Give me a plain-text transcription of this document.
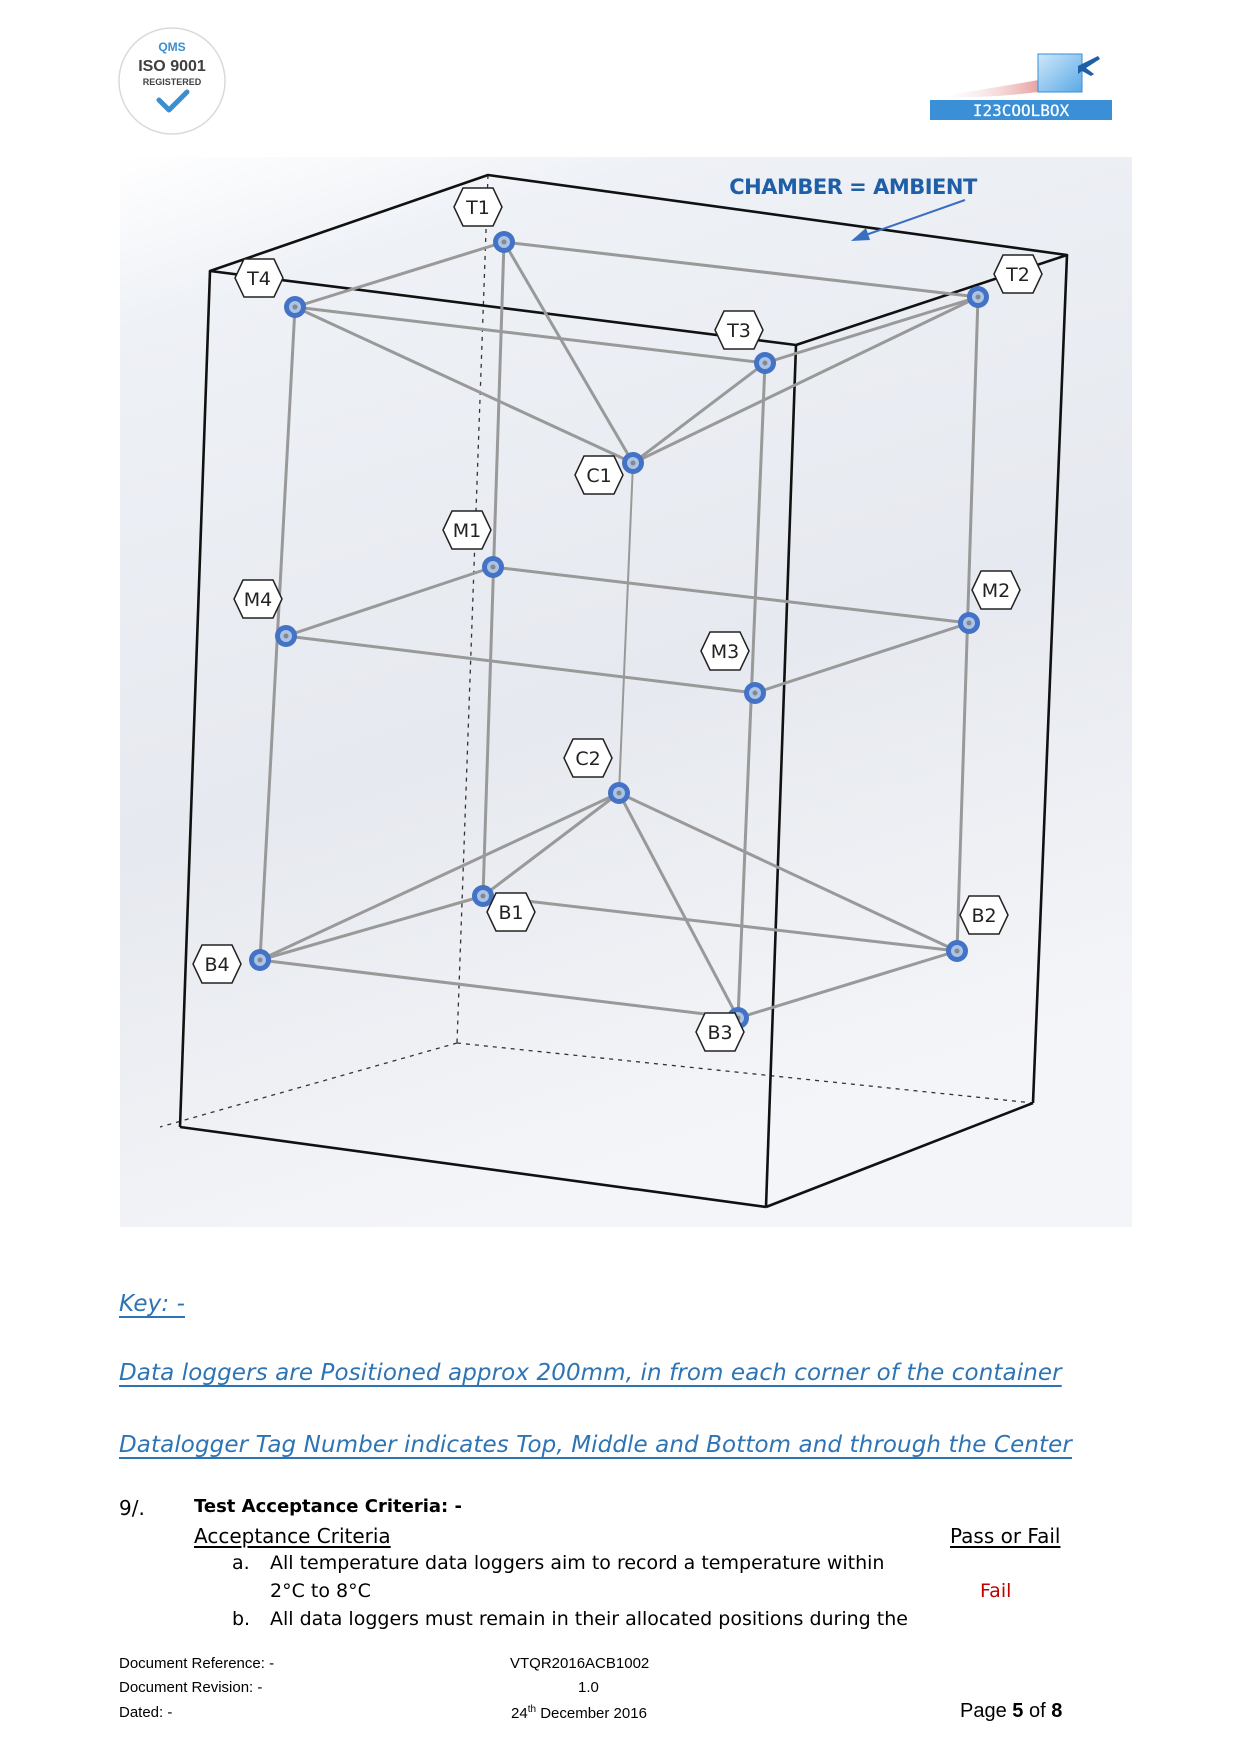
QMS
ISO 9001
REGISTERED
I23COOLBOX
CHAMBER = AMBIENT
T1
T2
T3
T4
C1
M1
M2
M3
M4
C2
B1	B2
B3
B4
Key: -
Data loggers are Positioned approx 200mm, in from each corner of the container
Datalogger Tag Number indicates Top, Middle and Bottom and through the Center
9/.	Test Acceptance Criteria: -
Acceptance Criteria	Pass or Fail
a. All temperature data loggers aim to record a temperature within
2°C to 8°C	Fail
b. All data loggers must remain in their allocated positions during the
Document Reference: -
Document Revision: -
Dated: -
VTQR2016ACB1002
1.0
24th December 2016	Page 5 of 8
